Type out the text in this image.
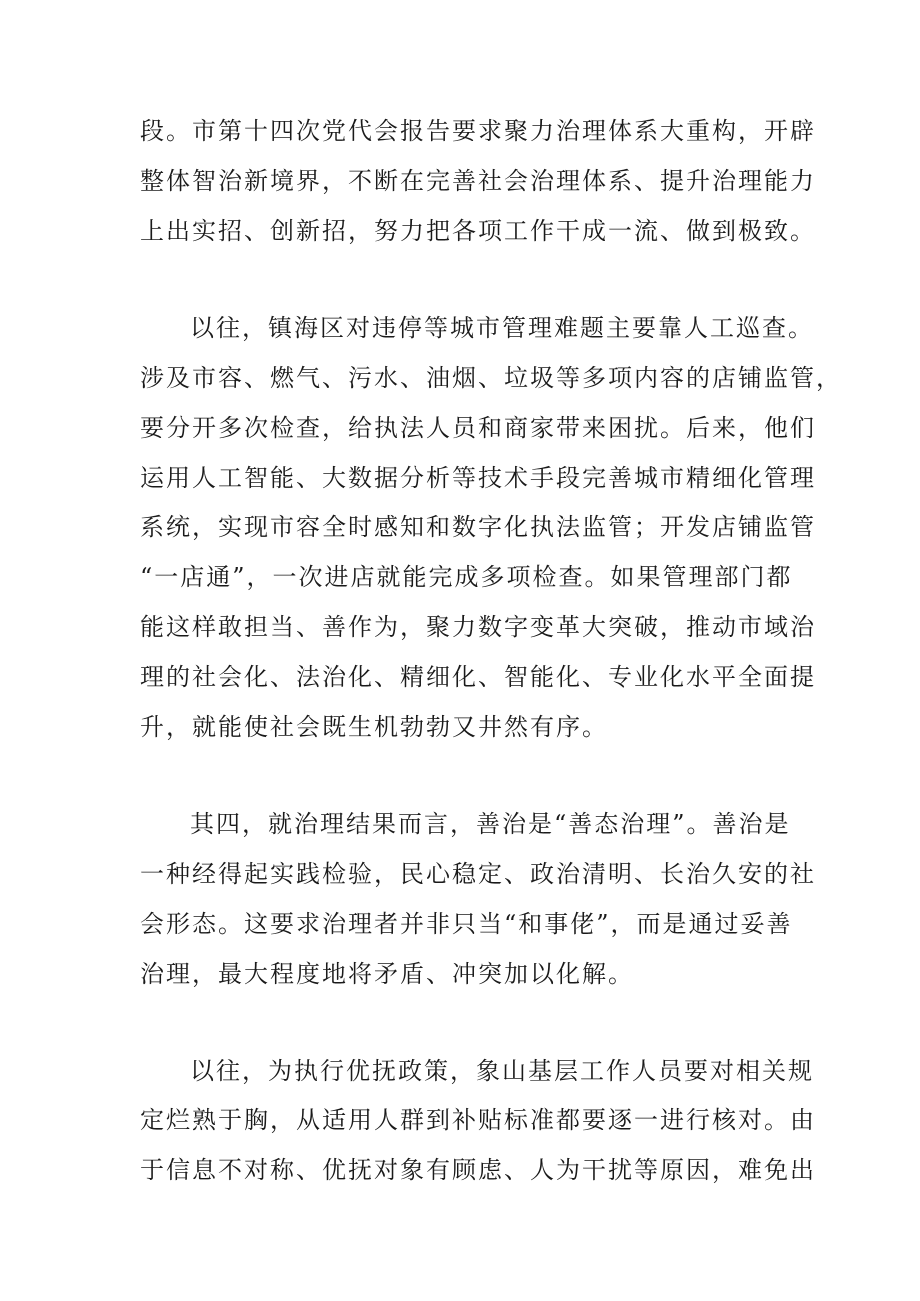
段。市第十四次党代会报告要求聚力治理体系大重构，开辟
整体智治新境界，不断在完善社会治理体系、提升治理能力
上出实招、创新招，努力把各项工作干成一流、做到极致。
以往，镇海区对违停等城市管理难题主要靠人工巡查。
涉及市容、燃气、污水、油烟、垃圾等多项内容的店铺监管，
要分开多次检查，给执法人员和商家带来困扰。后来，他们
运用人工智能、大数据分析等技术手段完善城市精细化管理
系统，实现市容全时感知和数字化执法监管；开发店铺监管
“一店通”，一次进店就能完成多项检查。如果管理部门都
能这样敢担当、善作为，聚力数字变革大突破，推动市域治
理的社会化、法治化、精细化、智能化、专业化水平全面提
升，就能使社会既生机勃勃又井然有序。
其四，就治理结果而言，善治是“善态治理”。善治是
一种经得起实践检验，民心稳定、政治清明、长治久安的社
会形态。这要求治理者并非只当“和事佬”，而是通过妥善
治理，最大程度地将矛盾、冲突加以化解。
以往，为执行优抚政策，象山基层工作人员要对相关规
定烂熟于胸，从适用人群到补贴标准都要逐一进行核对。由
于信息不对称、优抚对象有顾虑、人为干扰等原因，难免出
